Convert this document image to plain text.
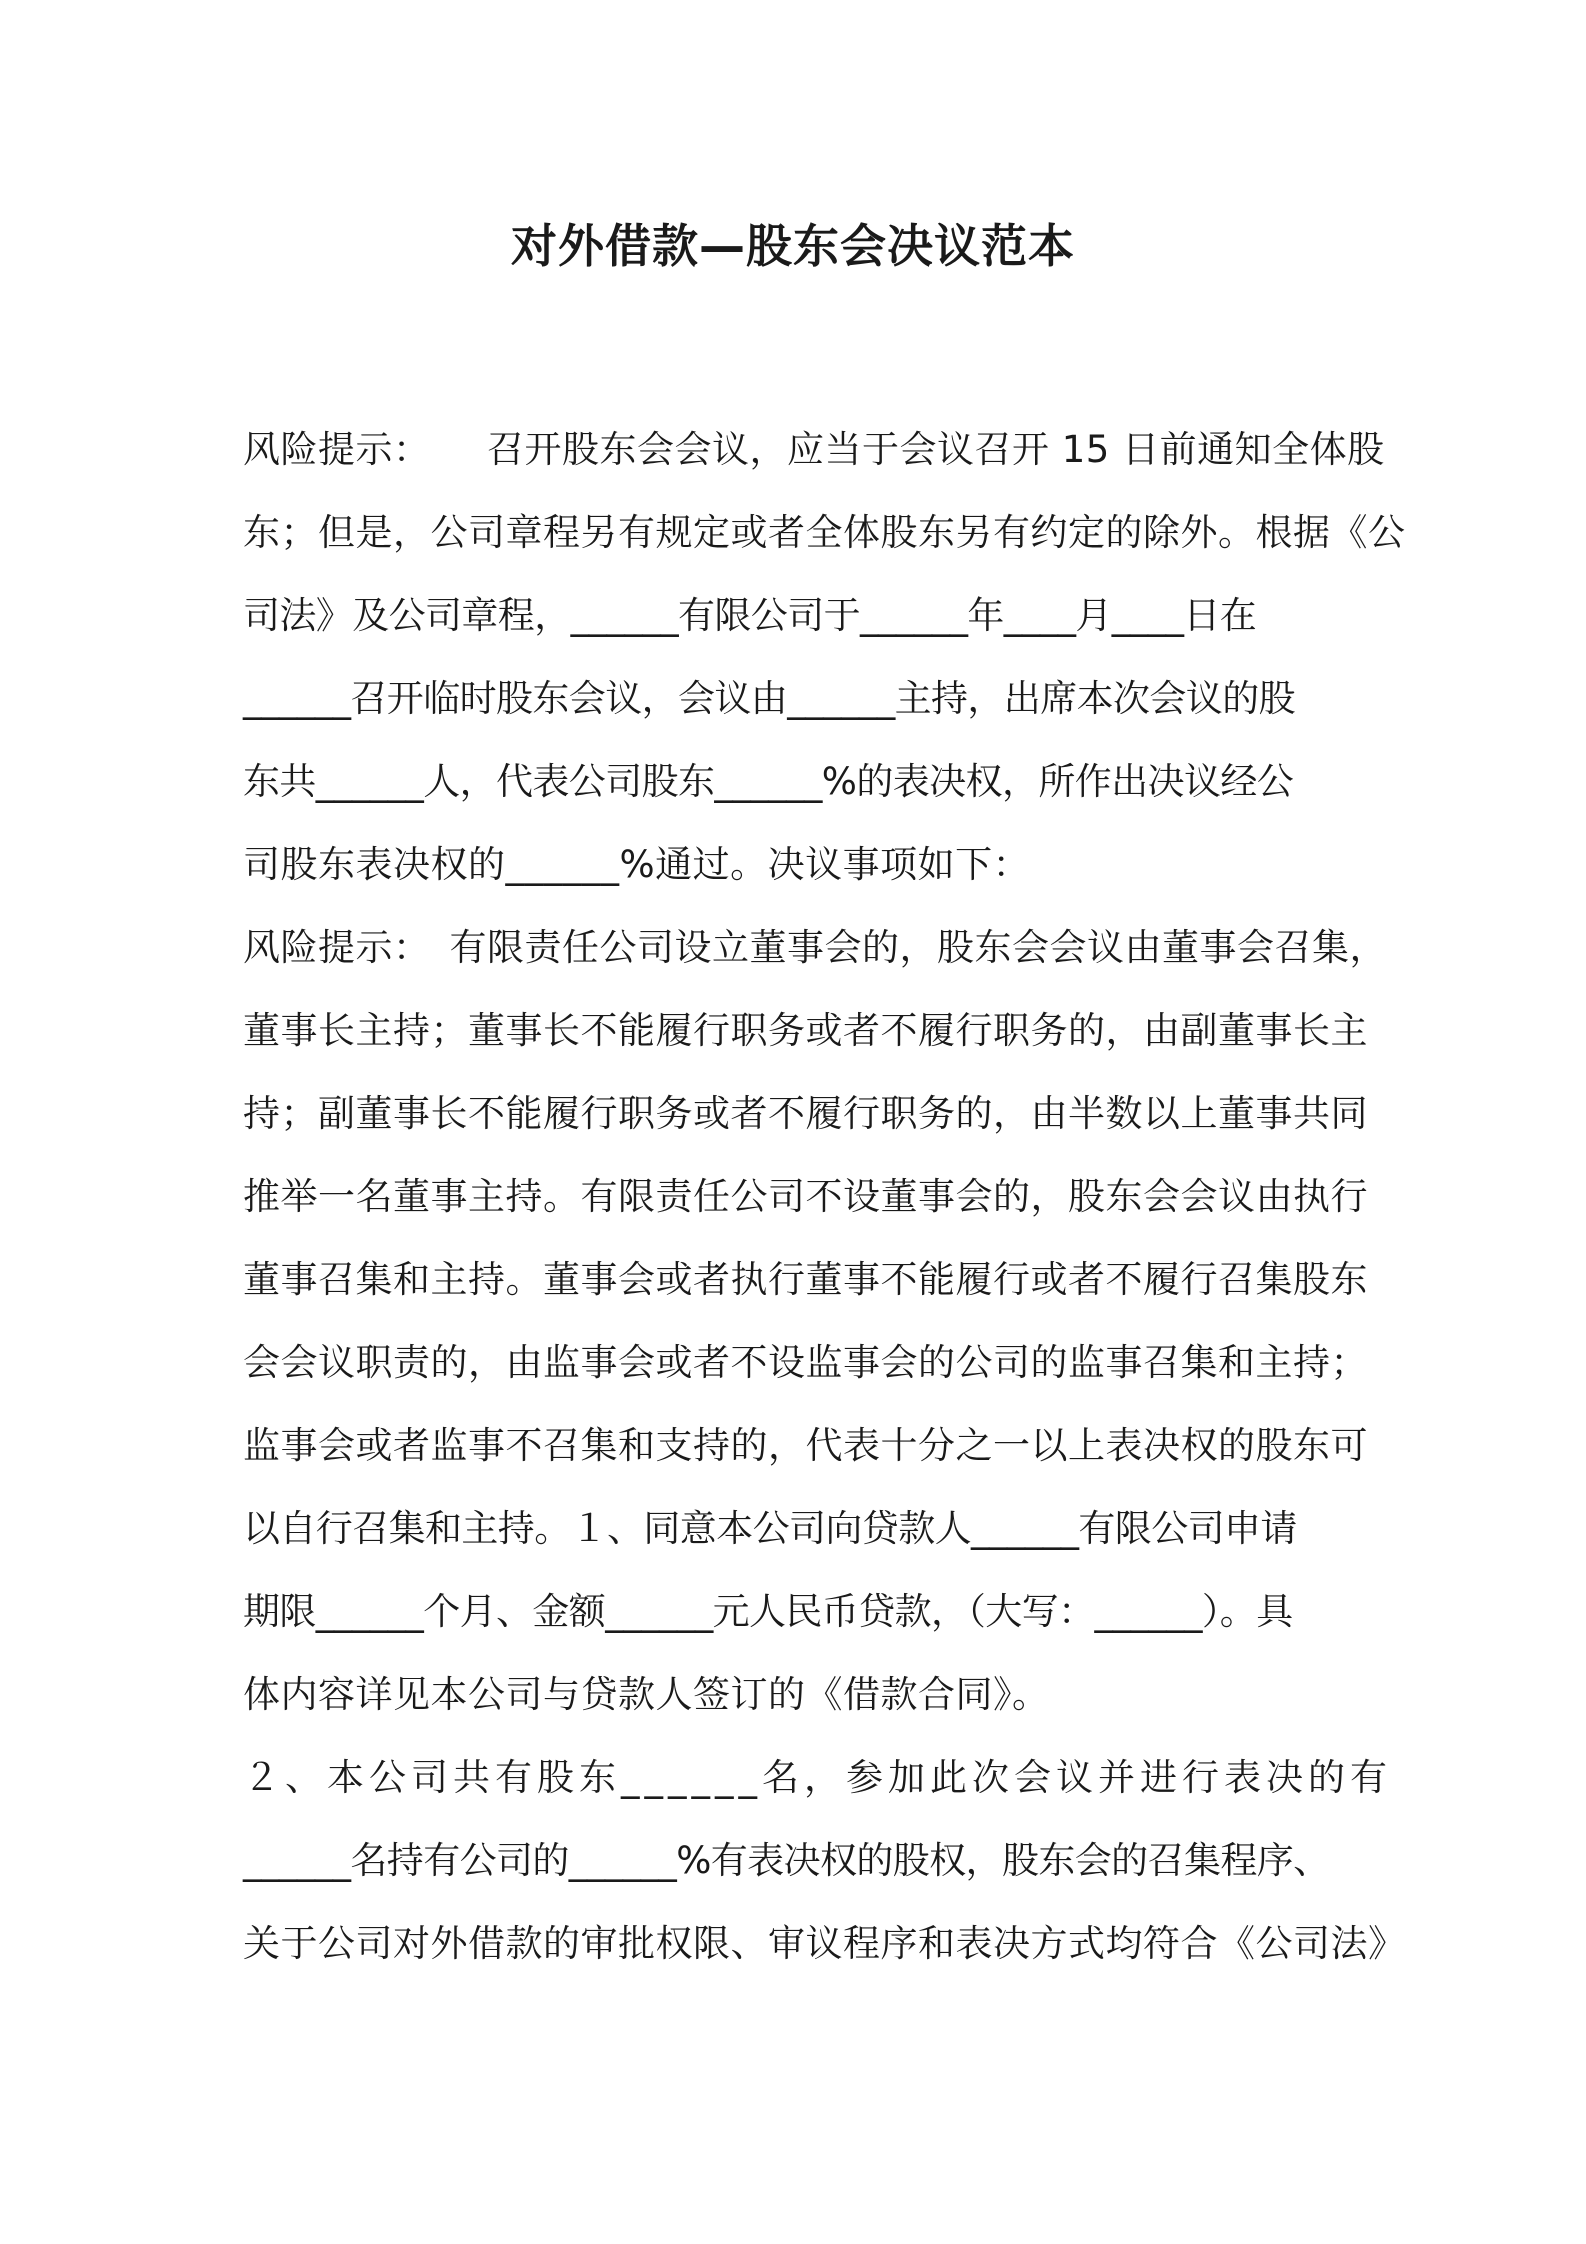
对外借款—股东会决议范本
风险提示：　　召开股东会会议，应当于会议召开 15 日前通知全体股
东；但是，公司章程另有规定或者全体股东另有约定的除外。根据《公
司法》及公司章程，______有限公司于______年____月____日在
______召开临时股东会议，会议由______主持，出席本次会议的股
东共______人，代表公司股东______%的表决权，所作出决议经公
司股东表决权的______%通过。决议事项如下：
风险提示：　有限责任公司设立董事会的，股东会会议由董事会召集，
董事长主持；董事长不能履行职务或者不履行职务的，由副董事长主
持；副董事长不能履行职务或者不履行职务的，由半数以上董事共同
推举一名董事主持。有限责任公司不设董事会的，股东会会议由执行
董事召集和主持。董事会或者执行董事不能履行或者不履行召集股东
会会议职责的，由监事会或者不设监事会的公司的监事召集和主持；
监事会或者监事不召集和支持的，代表十分之一以上表决权的股东可
以自行召集和主持。１、同意本公司向贷款人______有限公司申请
期限______个月、金额______元人民币贷款，（大写：______）。具
体内容详见本公司与贷款人签订的《借款合同》。
２、本公司共有股东______名，参加此次会议并进行表决的有
______名持有公司的______%有表决权的股权，股东会的召集程序、
关于公司对外借款的审批权限、审议程序和表决方式均符合《公司法》
